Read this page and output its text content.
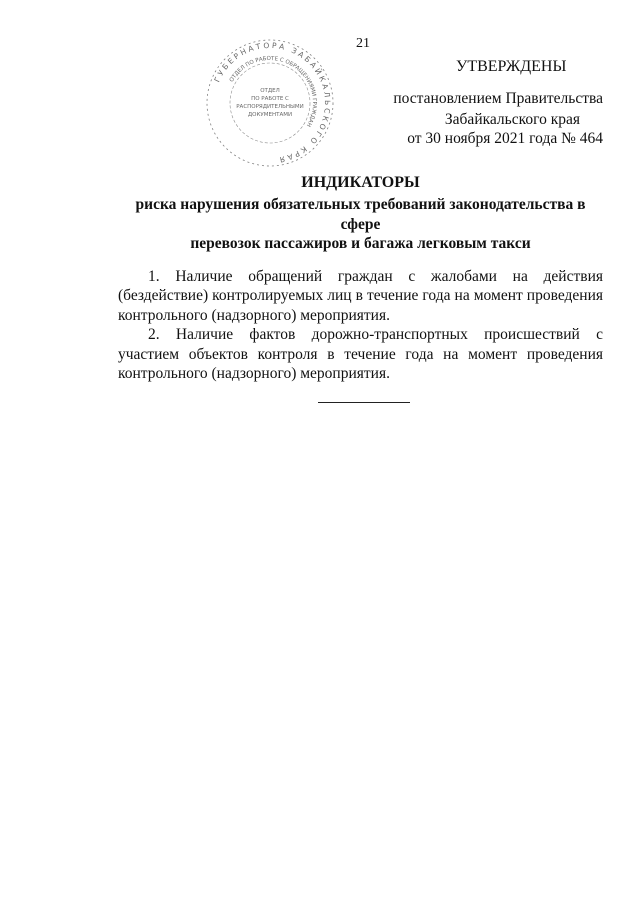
21
ГУБЕРНАТОРА ЗАБАЙКАЛЬСКОГО КРАЯ
ОТДЕЛ ПО РАБОТЕ С ОБРАЩЕНИЯМИ ГРАЖДАН
ОТДЕЛ
ПО РАБОТЕ С
РАСПОРЯДИТЕЛЬНЫМИ
ДОКУМЕНТАМИ
УТВЕРЖДЕНЫ
постановлением Правительства
Забайкальского края
от 30 ноября 2021 года № 464
ИНДИКАТОРЫ
риска нарушения обязательных требований законодательства в сфере
перевозок пассажиров и багажа легковым такси
1. Наличие обращений граждан с жалобами на действия (бездействие) контролируемых лиц в течение года на момент проведения контрольного (надзорного) мероприятия.
2. Наличие фактов дорожно-транспортных происшествий с участием объектов контроля в течение года на момент проведения контрольного (надзорного) мероприятия.
